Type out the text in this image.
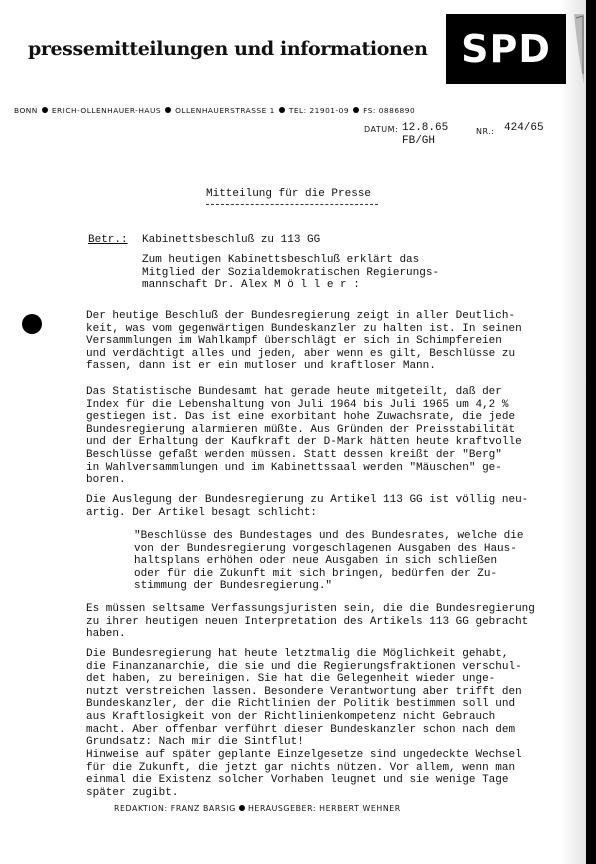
pressemitteilungen und informationen SPD
BONN ERICH-OLLENHAUER-HAUS OLLENHAUERSTRASSE 1 TEL: 21901-09 FS: 0886890
DATUM: 12.8.65
FB/GH
NR.: 424/65
Mitteilung für die Presse
Betr.: Kabinettsbeschluß zu 113 GG
Zum heutigen Kabinettsbeschluß erklärt das
Mitglied der Sozialdemokratischen Regierungs-
mannschaft Dr. Alex M ö l l e r :
Der heutige Beschluß der Bundesregierung zeigt in aller Deutlich-
keit, was vom gegenwärtigen Bundeskanzler zu halten ist. In seinen
Versammlungen im Wahlkampf überschlägt er sich in Schimpfereien
und verdächtigt alles und jeden, aber wenn es gilt, Beschlüsse zu
fassen, dann ist er ein mutloser und kraftloser Mann.
Das Statistische Bundesamt hat gerade heute mitgeteilt, daß der
Index für die Lebenshaltung von Juli 1964 bis Juli 1965 um 4,2 %
gestiegen ist. Das ist eine exorbitant hohe Zuwachsrate, die jede
Bundesregierung alarmieren müßte. Aus Gründen der Preisstabilität
und der Erhaltung der Kaufkraft der D-Mark hätten heute kraftvolle
Beschlüsse gefaßt werden müssen. Statt dessen kreißt der "Berg"
in Wahlversammlungen und im Kabinettssaal werden "Mäuschen" ge-
boren.
Die Auslegung der Bundesregierung zu Artikel 113 GG ist völlig neu-
artig. Der Artikel besagt schlicht:
"Beschlüsse des Bundestages und des Bundesrates, welche die
von der Bundesregierung vorgeschlagenen Ausgaben des Haus-
haltsplans erhöhen oder neue Ausgaben in sich schließen
oder für die Zukunft mit sich bringen, bedürfen der Zu-
stimmung der Bundesregierung."
Es müssen seltsame Verfassungsjuristen sein, die die Bundesregierung
zu ihrer heutigen neuen Interpretation des Artikels 113 GG gebracht
haben.
Die Bundesregierung hat heute letztmalig die Möglichkeit gehabt,
die Finanzanarchie, die sie und die Regierungsfraktionen verschul-
det haben, zu bereinigen. Sie hat die Gelegenheit wieder unge-
nutzt verstreichen lassen. Besondere Verantwortung aber trifft den
Bundeskanzler, der die Richtlinien der Politik bestimmen soll und
aus Kraftlosigkeit von der Richtlinienkompetenz nicht Gebrauch
macht. Aber offenbar verführt dieser Bundeskanzler schon nach dem
Grundsatz: Nach mir die Sintflut!
Hinweise auf später geplante Einzelgesetze sind ungedeckte Wechsel
für die Zukunft, die jetzt gar nichts nützen. Vor allem, wenn man
einmal die Existenz solcher Vorhaben leugnet und sie wenige Tage
später zugibt.
REDAKTION: FRANZ BARSIG HERAUSGEBER: HERBERT WEHNER
